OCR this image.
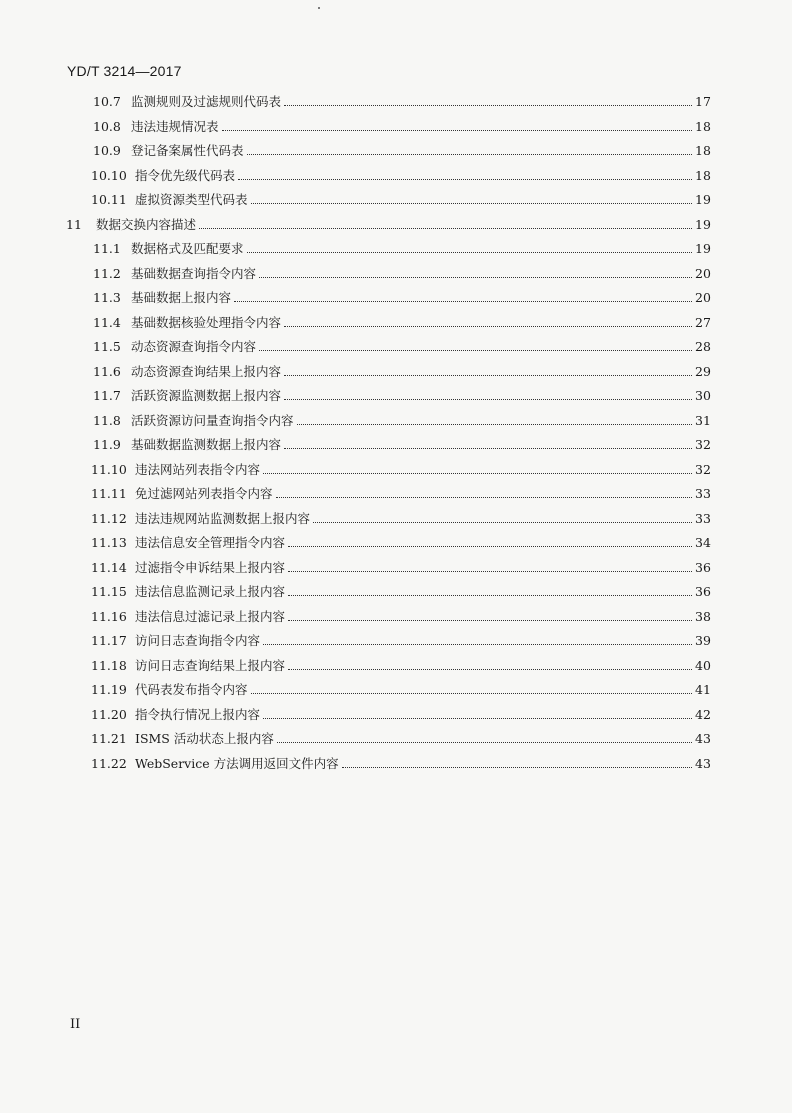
YD/T 3214—2017
10.7 监测规则及过滤规则代码表	17
10.8 违法违规情况表	18
10.9 登记备案属性代码表	18
10.10 指令优先级代码表	18
10.11 虚拟资源类型代码表	19
11	数据交换内容描述	19
11.1 数据格式及匹配要求	19
11.2 基础数据查询指令内容	20
11.3 基础数据上报内容	20
11.4 基础数据核验处理指令内容	27
11.5 动态资源查询指令内容	28
11.6 动态资源查询结果上报内容	29
11.7 活跃资源监测数据上报内容	30
11.8 活跃资源访问量查询指令内容	31
11.9 基础数据监测数据上报内容	32
11.10 违法网站列表指令内容	32
11.11 免过滤网站列表指令内容	33
11.12 违法违规网站监测数据上报内容	33
11.13 违法信息安全管理指令内容	34
11.14 过滤指令申诉结果上报内容	36
11.15 违法信息监测记录上报内容	36
11.16 违法信息过滤记录上报内容	38
11.17 访问日志查询指令内容	39
11.18 访问日志查询结果上报内容	40
11.19 代码表发布指令内容	41
11.20 指令执行情况上报内容	42
11.21 ISMS 活动状态上报内容	43
11.22 WebService 方法调用返回文件内容	43
II
